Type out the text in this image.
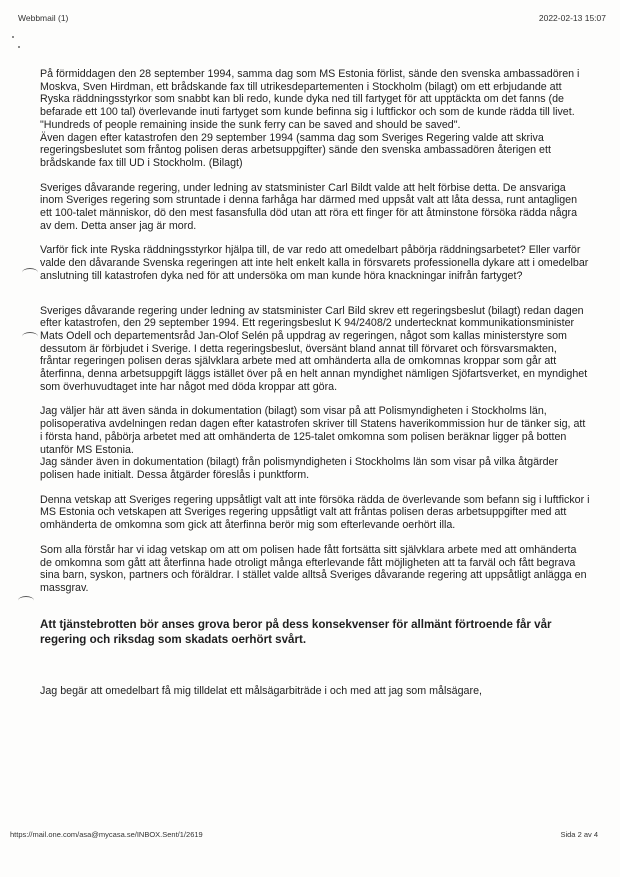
Webbmail (1)	2022-02-13 15:07

På förmiddagen den 28 september 1994, samma dag som MS Estonia förlist, sände den svenska ambassadören i Moskva, Sven Hirdman, ett brådskande fax till utrikesdepartementen i Stockholm (bilagt) om ett erbjudande att Ryska räddningsstyrkor som snabbt kan bli redo, kunde dyka ned till fartyget för att upptäckta om det fanns (de befarade ett 100 tal) överlevande inuti fartyget som kunde befinna sig i luftfickor och som de kunde rädda till livet. "Hundreds of people remaining inside the sunk ferry can be saved and should be saved".

Även dagen efter katastrofen den 29 september 1994 (samma dag som Sveriges Regering valde att skriva regeringsbeslutet som fråntog polisen deras arbetsuppgifter) sände den svenska ambassadören återigen ett brådskande fax till UD i Stockholm. (Bilagt)

Sveriges dåvarande regering, under ledning av statsminister Carl Bildt valde att helt förbise detta. De ansvariga inom Sveriges regering som struntade i denna farhåga har därmed med uppsåt valt att låta dessa, runt antagligen ett 100-talet människor, dö den mest fasansfulla död utan att röra ett finger för att åtminstone försöka rädda några av dem. Detta anser jag är mord.

Varför fick inte Ryska räddningsstyrkor hjälpa till, de var redo att omedelbart påbörja räddningsarbetet? Eller varför valde den dåvarande Svenska regeringen att inte helt enkelt kalla in försvarets professionella dykare att i omedelbar anslutning till katastrofen dyka ned för att undersöka om man kunde höra knackningar inifrån fartyget?

Sveriges dåvarande regering under ledning av statsminister Carl Bild skrev ett regeringsbeslut (bilagt) redan dagen efter katastrofen, den 29 september 1994. Ett regeringsbeslut K 94/2408/2 undertecknat kommunikationsminister Mats Odell och departementsråd Jan-Olof Selén på uppdrag av regeringen, något som kallas ministerstyre som dessutom är förbjudet i Sverige. I detta regeringsbeslut, översänt bland annat till förvaret och försvarsmakten, fråntar regeringen polisen deras självklara arbete med att omhänderta alla de omkomnas kroppar som går att återfinna, denna arbetsuppgift läggs istället över på en helt annan myndighet nämligen Sjöfartsverket, en myndighet som överhuvudtaget inte har något med döda kroppar att göra.

Jag väljer här att även sända in dokumentation (bilagt) som visar på att Polismyndigheten i Stockholms län, polisoperativa avdelningen redan dagen efter katastrofen skriver till Statens haverikommission hur de tänker sig, att i första hand, påbörja arbetet med att omhänderta de 125-talet omkomna som polisen beräknar ligger på botten utanför MS Estonia.

Jag sänder även in dokumentation (bilagt) från polismyndigheten i Stockholms län som visar på vilka åtgärder polisen hade initialt. Dessa åtgärder föreslås i punktform.

Denna vetskap att Sveriges regering uppsåtligt valt att inte försöka rädda de överlevande som befann sig i luftfickor i MS Estonia och vetskapen att Sveriges regering uppsåtligt valt att fråntas polisen deras arbetsuppgifter med att omhänderta de omkomna som gick att återfinna berör mig som efterlevande oerhört illa.

Som alla förstår har vi idag vetskap om att om polisen hade fått fortsätta sitt självklara arbete med att omhänderta de omkomna som gått att återfinna hade otroligt många efterlevande fått möjligheten att ta farväl och fått begrava sina barn, syskon, partners och föräldrar. I stället valde alltså Sveriges dåvarande regering att uppsåtligt anlägga en massgrav.

Att tjänstebrotten bör anses grova beror på dess konsekvenser för allmänt förtroende får vår regering och riksdag som skadats oerhört svårt.

Jag begär att omedelbart få mig tilldelat ett målsägarbiträde i och med att jag som målsägare,

https://mail.one.com/asa@mycasa.se/INBOX.Sent/1/2619	Sida 2 av 4
